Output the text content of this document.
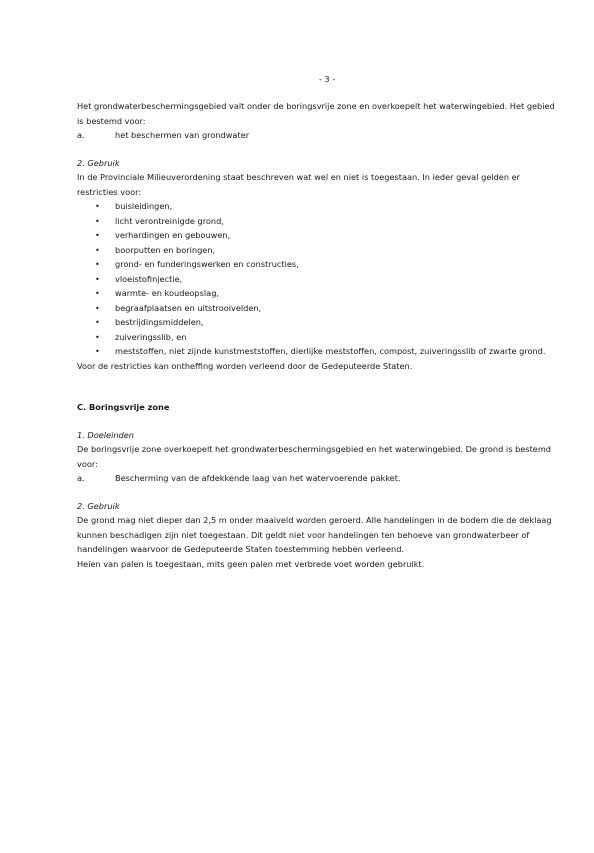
- 3 -

Het grondwaterbeschermingsgebied valt onder de boringsvrije zone en overkoepelt het waterwingebied. Het gebied is bestemd voor:

a.	het beschermen van grondwater

2. Gebruik

In de Provinciale Milieuverordening staat beschreven wat wel en niet is toegestaan. In ieder geval gelden er restricties voor:

•	buisleidingen,
•	licht verontreinigde grond,
•	verhardingen en gebouwen,
•	boorputten en boringen,
•	grond- en funderingswerken en constructies,
•	vloeistofinjectie,
•	warmte- en koudeopslag,
•	begraafplaatsen en uitstrooivelden,
•	bestrijdingsmiddelen,
•	zuiveringsslib, en
•	meststoffen, niet zijnde kunstmeststoffen, dierlijke meststoffen, compost, zuiveringsslib of zwarte grond.

Voor de restricties kan ontheffing worden verleend door de Gedeputeerde Staten.

C. Boringsvrije zone

1. Doeleinden

De boringsvrije zone overkoepelt het grondwaterbeschermingsgebied en het waterwingebied. De grond is bestemd voor:

a.	Bescherming van de afdekkende laag van het watervoerende pakket.

2. Gebruik

De grond mag niet dieper dan 2,5 m onder maaiveld worden geroerd. Alle handelingen in de bodem die de deklaag kunnen beschadigen zijn niet toegestaan. Dit geldt niet voor handelingen ten behoeve van grondwaterbeer of handelingen waarvoor de Gedeputeerde Staten toestemming hebben verleend.

Heien van palen is toegestaan, mits geen palen met verbrede voet worden gebruikt.
